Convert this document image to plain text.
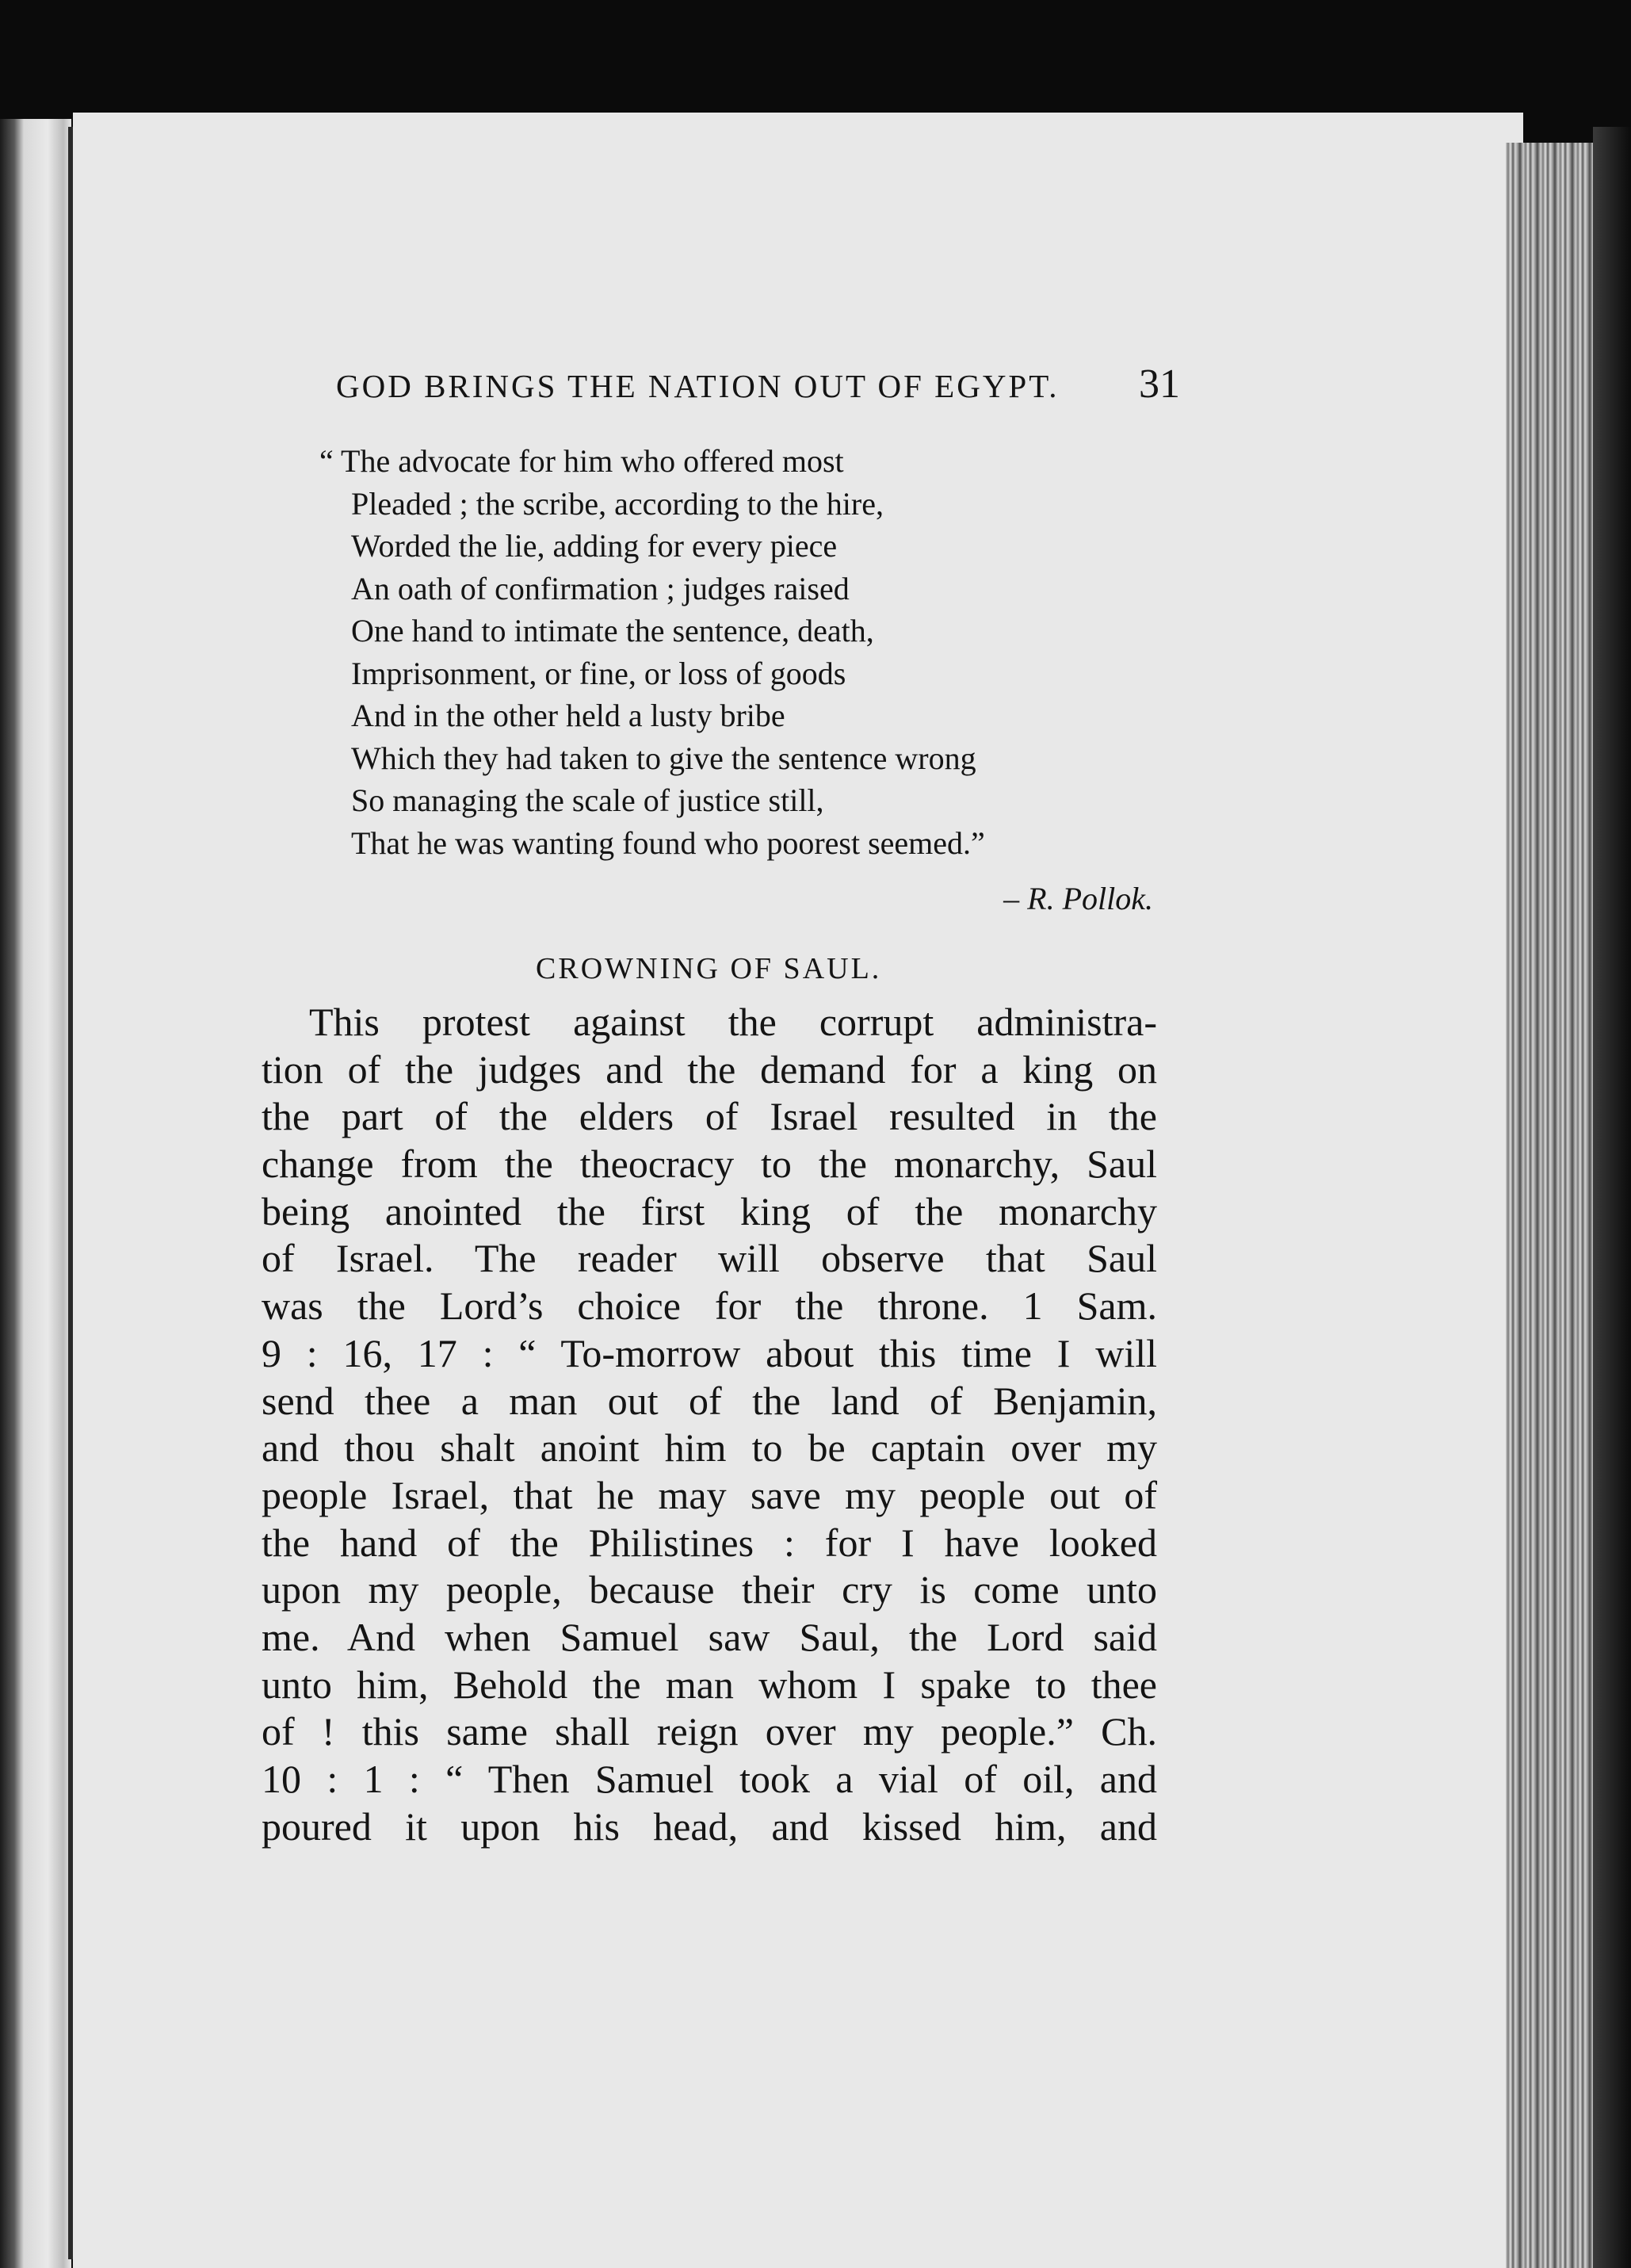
GOD BRINGS THE NATION OUT OF EGYPT. 31
“ The advocate for him who offered most
Pleaded ; the scribe, according to the hire,
Worded the lie, adding for every piece
An oath of confirmation ; judges raised
One hand to intimate the sentence, death,
Imprisonment, or fine, or loss of goods
And in the other held a lusty bribe
Which they had taken to give the sentence wrong
So managing the scale of justice still,
That he was wanting found who poorest seemed.”
– R. Pollok.
CROWNING OF SAUL.
This protest against the corrupt administra-
tion of the judges and the demand for a king on
the part of the elders of Israel resulted in the
change from the theocracy to the monarchy, Saul
being anointed the first king of the monarchy
of Israel. The reader will observe that Saul
was the Lord’s choice for the throne. 1 Sam.
9 : 16, 17 : “ To-morrow about this time I will
send thee a man out of the land of Benjamin,
and thou shalt anoint him to be captain over my
people Israel, that he may save my people out of
the hand of the Philistines : for I have looked
upon my people, because their cry is come unto
me. And when Samuel saw Saul, the Lord said
unto him, Behold the man whom I spake to thee
of ! this same shall reign over my people.” Ch.
10 : 1 : “ Then Samuel took a vial of oil, and
poured it upon his head, and kissed him, and
